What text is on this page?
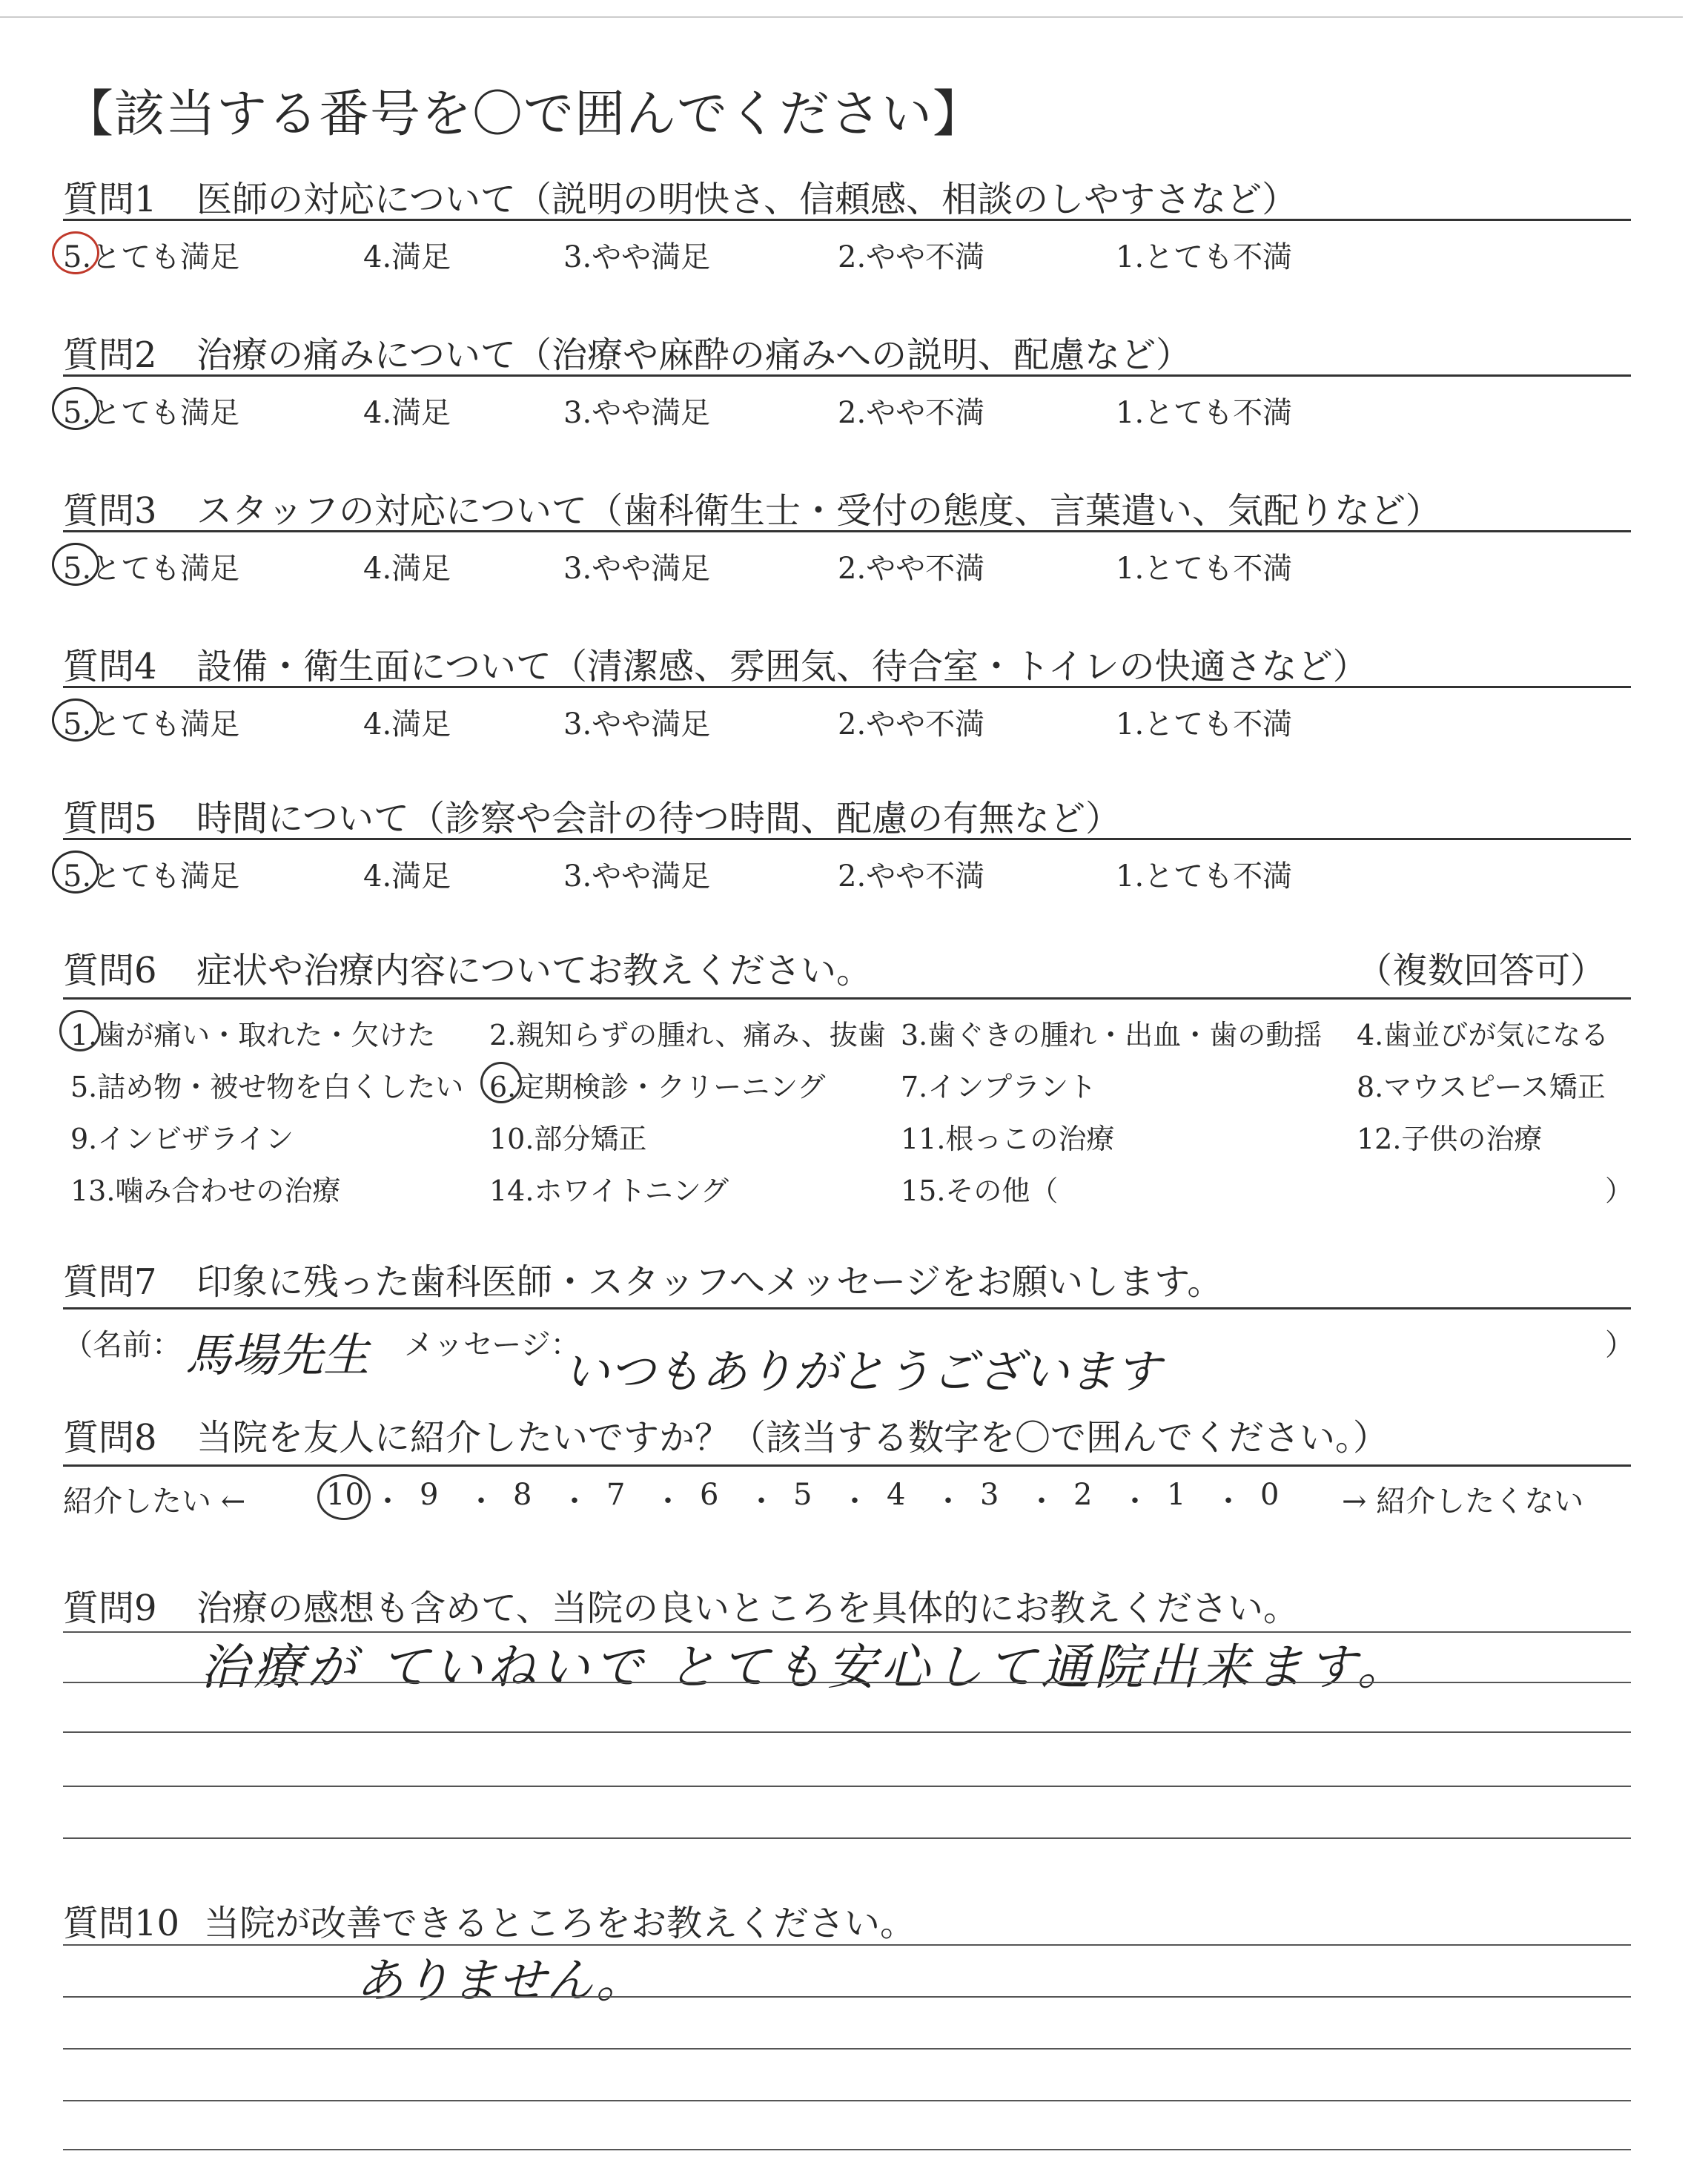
【該当する番号を〇で囲んでください】
質問1 医師の対応について（説明の明快さ、信頼感、相談のしやすさなど）
5.とても満足	4.満足	3.やや満足	2.やや不満	1.とても不満
質問2 治療の痛みについて（治療や麻酔の痛みへの説明、配慮など）
5.とても満足	4.満足	3.やや満足	2.やや不満	1.とても不満
質問3 スタッフの対応について（歯科衛生士・受付の態度、言葉遣い、気配りなど）
5.とても満足	4.満足	3.やや満足	2.やや不満	1.とても不満
質問4 設備・衛生面について（清潔感、雰囲気、待合室・トイレの快適さなど）
5.とても満足	4.満足	3.やや満足	2.やや不満	1.とても不満
質問5 時間について（診察や会計の待つ時間、配慮の有無など）
5.とても満足	4.満足	3.やや満足	2.やや不満	1.とても不満
質問6 症状や治療内容についてお教えください。	（複数回答可）
1.歯が痛い・取れた・欠けた 2.親知らずの腫れ、痛み、抜歯 3.歯ぐきの腫れ・出血・歯の動揺 4.歯並びが気になる
5.詰め物・被せ物を白くしたい 6.定期検診・クリーニング	7.インプラント	8.マウスピース矯正
9.インビザライン	10.部分矯正	11.根っこの治療	12.子供の治療
13.噛み合わせの治療	14.ホワイトニング	15.その他（	）
質問7 印象に残った歯科医師・スタッフへメッセージをお願いします。
（名前： 馬場先生 メッセージ：
いつもありがとうございます	）
質問8 当院を友人に紹介したいですか？（該当する数字を〇で囲んでください。）
紹介したい ←	10 ・ 9 ・ 8 ・ 7 ・ 6 ・ 5 ・ 4 ・ 3 ・ 2 ・ 1 ・ 0 → 紹介したくない
質問9 治療の感想も含めて、当院の良いところを具体的にお教えください。
治療が ていねいで とても安心して通院出来ます。
質問10 当院が改善できるところをお教えください。
ありません。
